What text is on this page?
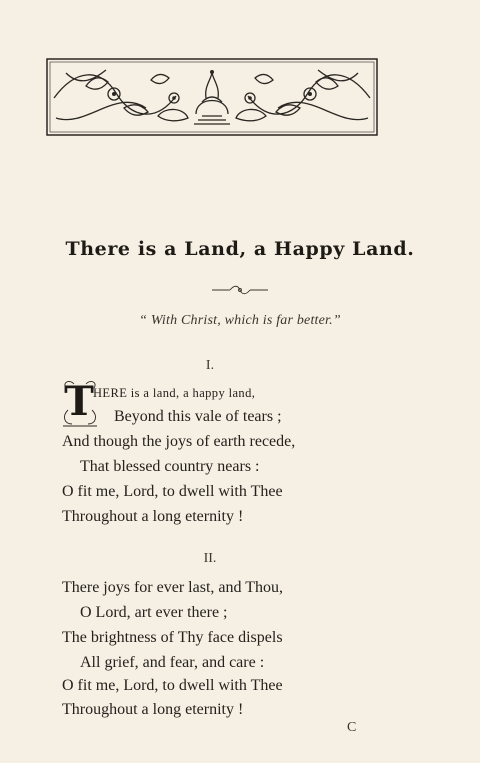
There is a Land, a Happy Land.
“ With Christ, which is far better.”
I.
T HERE is a land, a happy land,
Beyond this vale of tears ;
And though the joys of earth recede,
That blessed country nears :
O fit me, Lord, to dwell with Thee
Throughout a long eternity !
II.
There joys for ever last, and Thou,
O Lord, art ever there ;
The brightness of Thy face dispels
All grief, and fear, and care :
O fit me, Lord, to dwell with Thee
Throughout a long eternity !
C
